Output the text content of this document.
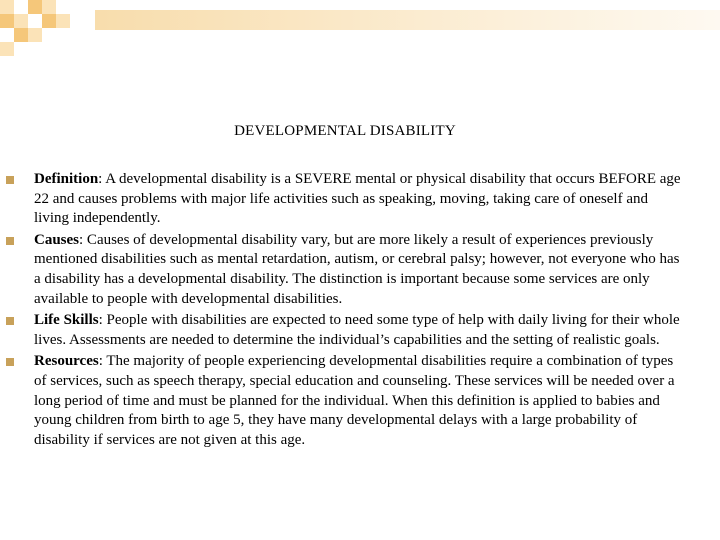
DEVELOPMENTAL DISABILITY
Definition: A developmental disability is a SEVERE mental or physical disability that occurs BEFORE age 22 and causes problems with major life activities such as speaking, moving, taking care of oneself and living independently.
Causes: Causes of developmental disability vary, but are more likely a result of experiences previously mentioned disabilities such as mental retardation, autism, or cerebral palsy; however, not everyone who has a disability has a developmental disability. The distinction is important because some services are only available to people with developmental disabilities.
Life Skills: People with disabilities are expected to need some type of help with daily living for their whole lives. Assessments are needed to determine the individual’s capabilities and the setting of realistic goals.
Resources: The majority of people experiencing developmental disabilities require a combination of types of services, such as speech therapy, special education and counseling. These services will be needed over a long period of time and must be planned for the individual. When this definition is applied to babies and young children from birth to age 5, they have many developmental delays with a large probability of disability if services are not given at this age.
